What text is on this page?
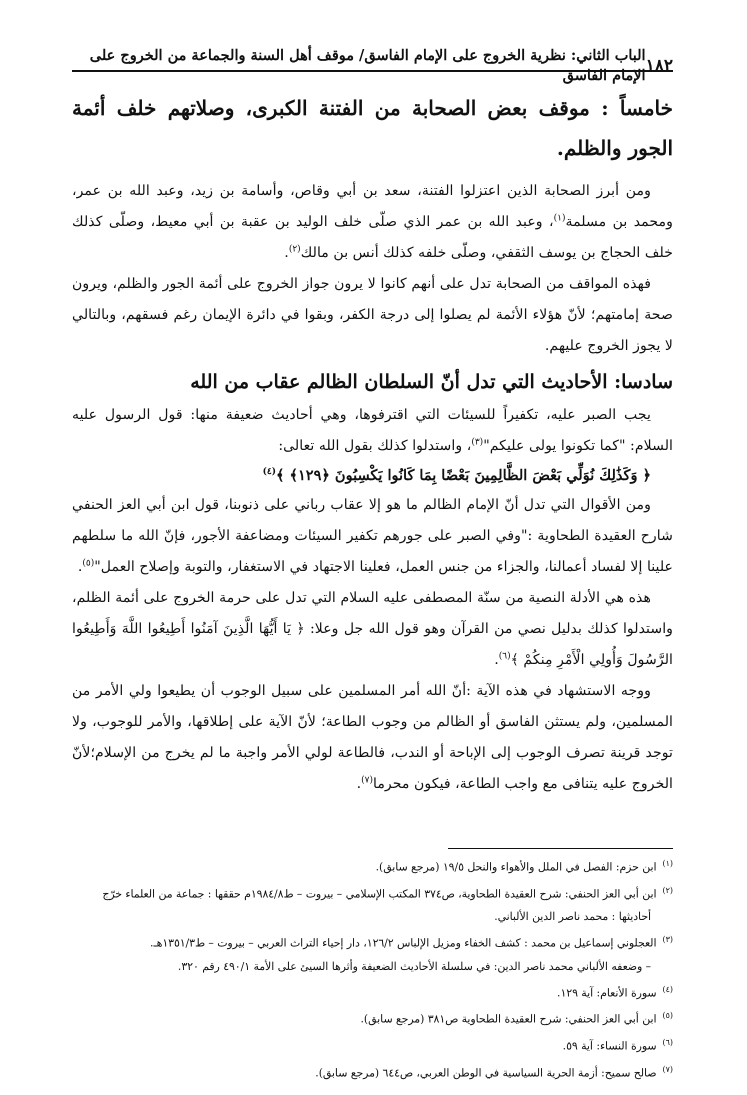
١٨٢
الباب الثاني: نظرية الخروج على الإمام الفاسق/ موقف أهل السنة والجماعة من الخروج على الإمام الفاسق
خامساً : موقف بعض الصحابة من الفتنة الكبرى، وصلاتهم خلف أئمة الجور والظلم.

ومن أبرز الصحابة الذين اعتزلوا الفتنة، سعد بن أبي وقاص، وأسامة بن زيد، وعبد الله بن عمر، ومحمد بن مسلمة$^{(١)}$، وعبد الله بن عمر الذي صلّى خلف الوليد بن عقبة بن أبي معيط، وصلّى كذلك خلف الحجاج بن يوسف الثقفي، وصلّى خلفه كذلك أنس بن مالك$^{(٢)}$.

فهذه المواقف من الصحابة تدل على أنهم كانوا لا يرون جواز الخروج على أئمة الجور والظلم، ويرون صحة إمامتهم؛ لأنّ هؤلاء الأئمة لم يصلوا إلى درجة الكفر، وبقوا في دائرة الإيمان رغم فسقهم، وبالتالي لا يجوز الخروج عليهم.

سادسا: الأحاديث التي تدل أنّ السلطان الظالم عقاب من الله

يجب الصبر عليه، تكفيراً للسيئات التي اقترفوها، وهي أحاديث ضعيفة منها: قول الرسول عليه السلام: "كما تكونوا يولى عليكم"$^{(٣)}$، واستدلوا كذلك بقول الله تعالى:

﴿ وَكَذَٰلِكَ نُوَلِّي بَعْضَ الظَّالِمِينَ بَعْضًا بِمَا كَانُوا يَكْسِبُونَ ﴿١٢٩﴾ ﴾$^{(٤)}$

ومن الأقوال التي تدل أنّ الإمام الظالم ما هو إلا عقاب رباني على ذنوبنا، قول ابن أبي العز الحنفي شارح العقيدة الطحاوية :"وفي الصبر على جورهم تكفير السيئات ومضاعفة الأجور، فإنّ الله ما سلطهم علينا إلا لفساد أعمالنا، والجزاء من جنس العمل، فعلينا الاجتهاد في الاستغفار، والتوبة وإصلاح العمل"$^{(٥)}$.

هذه هي الأدلة النصية من سنّة المصطفى عليه السلام التي تدل على حرمة الخروج على أئمة الظلم، واستدلوا كذلك بدليل نصي من القرآن وهو قول الله جل وعلا: ﴿ يَا أَيُّهَا الَّذِينَ آمَنُوا أَطِيعُوا اللَّهَ وَأَطِيعُوا الرَّسُولَ وَأُولِي الْأَمْرِ مِنكُمْ ﴾$^{(٦)}$.

ووجه الاستشهاد في هذه الآية :أنّ الله أمر المسلمين على سبيل الوجوب أن يطيعوا ولي الأمر من المسلمين، ولم يستثن الفاسق أو الظالم من وجوب الطاعة؛ لأنّ الآية على إطلاقها، والأمر للوجوب، ولا توجد قرينة تصرف الوجوب إلى الإباحة أو الندب، فالطاعة لولي الأمر واجبة ما لم يخرج من الإسلام؛لأنّ الخروج عليه يتنافى مع واجب الطاعة، فيكون محرما$^{(٧)}$.

$^{(١)}$ابن حزم: الفصل في الملل والأهواء والنحل ١٩/٥ (مرجع سابق).

$^{(٢)}$ابن أبي العز الحنفي: شرح العقيدة الطحاوية، ص٣٧٤ المكتب الإسلامي – بيروت – ط١٩٨٤/٨م حققها : جماعة من العلماء خرّج

أحاديثها : محمد ناصر الدين الألباني.

$^{(٣)}$العجلوني إسماعيل بن محمد : كشف الخفاء ومزيل الإلباس ١٢٦/٢، دار إحياء التراث العربي – بيروت – ط١٣٥١/٣هـ.

– وضعفه الألباني محمد ناصر الدين: في سلسلة الأحاديث الضعيفة وأثرها السيئ على الأمة ٤٩٠/١ رقم ٣٢٠.

$^{(٤)}$سورة الأنعام: آية ١٢٩.

$^{(٥)}$ابن أبي العز الحنفي: شرح العقيدة الطحاوية ص٣٨١ (مرجع سابق).

$^{(٦)}$سورة النساء: آية ٥٩.

$^{(٧)}$صالح سميح: أزمة الحرية السياسية في الوطن العربي، ص٦٤٤ (مرجع سابق).
